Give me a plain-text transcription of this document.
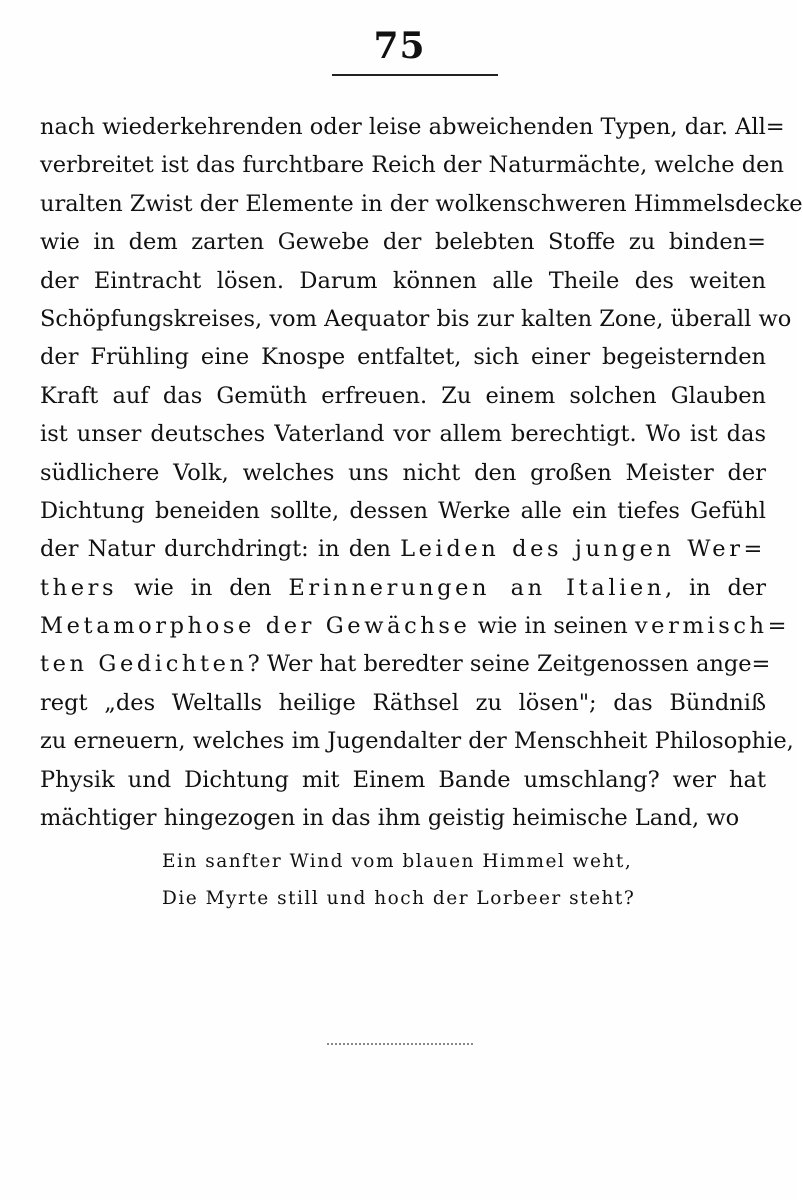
75
nach wiederkehrenden oder leise abweichenden Typen, dar. All=
verbreitet ist das furchtbare Reich der Naturmächte, welche den
uralten Zwist der Elemente in der wolkenschweren Himmelsdecke
wie in dem zarten Gewebe der belebten Stoffe zu binden=
der Eintracht lösen. Darum können alle Theile des weiten
Schöpfungskreises, vom Aequator bis zur kalten Zone, überall wo
der Frühling eine Knospe entfaltet, sich einer begeisternden
Kraft auf das Gemüth erfreuen. Zu einem solchen Glauben
ist unser deutsches Vaterland vor allem berechtigt. Wo ist das
südlichere Volk, welches uns nicht den großen Meister der
Dichtung beneiden sollte, dessen Werke alle ein tiefes Gefühl
der Natur durchdringt: in den Leiden des jungen Wer=
thers wie in den Erinnerungen an Italien, in der
Metamorphose der Gewächse wie in seinen vermisch=
ten Gedichten? Wer hat beredter seine Zeitgenossen ange=
regt „des Weltalls heilige Räthsel zu lösen"; das Bündniß
zu erneuern, welches im Jugendalter der Menschheit Philosophie,
Physik und Dichtung mit Einem Bande umschlang? wer hat
mächtiger hingezogen in das ihm geistig heimische Land, wo
Ein sanfter Wind vom blauen Himmel weht,
Die Myrte still und hoch der Lorbeer steht?
